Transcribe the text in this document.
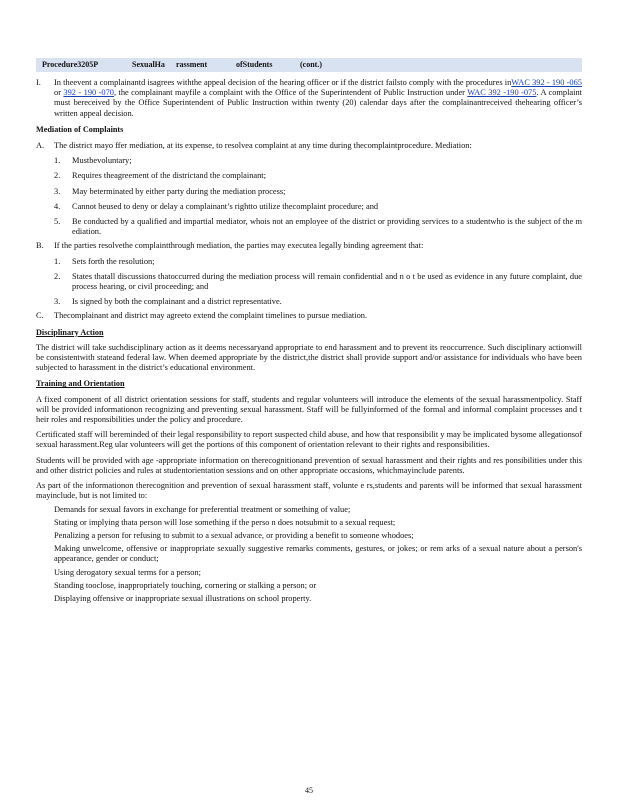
Procedure3205P	SexualHa rassment	ofStudents	(cont.)
I. In theevent a complainantd isagrees withthe appeal decision of the hearing officer or if the district failsto comply with the procedures inWAC 392 - 190 -065 or 392 - 190 -070, the complainant mayfile a complaint with the Office of the Superintendent of Public Instruction under WAC 392 -190 -075. A complaint must bereceived by the Office Superintendent of Public Instruction within twenty (20) calendar days after the complainantreceived thehearing officer’s written appeal decision.

Mediation of Complaints

A. The district mayo ffer mediation, at its expense, to resolvea complaint at any time during thecomplaintprocedure. Mediation:
1. Mustbevoluntary;
2. Requires theagreement of the districtand the complainant;
3. May beterminated by either party during the mediation process;
4. Cannot beused to deny or delay a complainant’s rightto utilize thecomplaint procedure; and
5. Be conducted by a qualified and impartial mediator, whois not an employee of the district or providing services to a studentwho is the subject of the m ediation.
B. If the parties resolvethe complaintthrough mediation, the parties may executea legally binding agreement that:
1. Sets forth the resolution;
2. States thatall discussions thatoccurred during the mediation process will remain confidential and n o t be used as evidence in any future complaint, due process hearing, or civil proceeding; and
3. Is signed by both the complainant and a district representative.
C. Thecomplainant and district may agreeto extend the complaint timelines to pursue mediation.

Disciplinary Action

The district will take suchdisciplinary action as it deems necessaryand appropriate to end harassment and to prevent its reoccurrence. Such disciplinary actionwill be consistentwith stateand federal law. When deemed appropriate by the district,the district shall provide support and/or assistance for individuals who have been subjected to harassment in the district’s educational environment.

Training and Orientation

A fixed component of all district orientation sessions for staff, students and regular volunteers will introduce the elements of the sexual harassmentpolicy. Staff will be provided informationon recognizing and preventing sexual harassment. Staff will be fullyinformed of the formal and informal complaint processes and t heir roles and responsibilities under the policy and procedure.

Certificated staff will bereminded of their legal responsibility to report suspected child abuse, and how that responsibilit y may be implicated bysome allegationsof sexual harassment.Reg ular volunteers will get the portions of this component of orientation relevant to their rights and responsibilities.

Students will be provided with age -appropriate information on therecognitionand prevention of sexual harassment and their rights and res ponsibilities under this and other district policies and rules at studentorientation sessions and on other appropriate occasions, whichmayinclude parents.

As part of the informationon therecognition and prevention of sexual harassment staff, volunte e rs,students and parents will be informed that sexual harassment mayinclude, but is not limited to:

Demands for sexual favors in exchange for preferential treatment or something of value;
Stating or implying thata person will lose something if the perso n does notsubmit to a sexual request;
Penalizing a person for refusing to submit to a sexual advance, or providing a benefit to someone whodoes;
Making unwelcome, offensive or inappropriate sexually suggestive remarks comments, gestures, or jokes; or rem arks of a sexual nature about a person's appearance, gender or conduct;
Using derogatory sexual terms for a person;
Standing tooclose, inappropriately touching, cornering or stalking a person; or
Displaying offensive or inappropriate sexual illustrations on school property.
45
